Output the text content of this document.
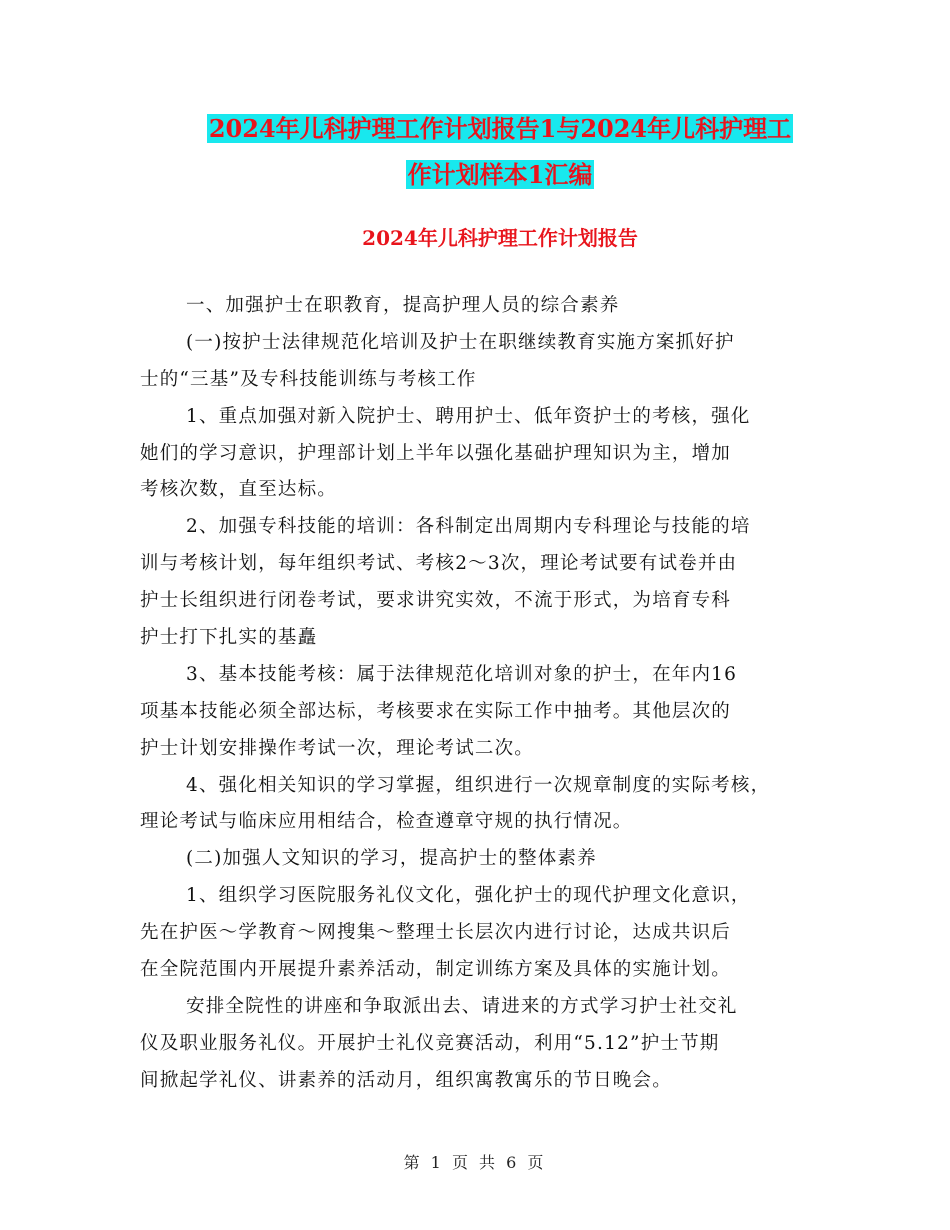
2024年儿科护理工作计划报告1与2024年儿科护理工
作计划样本1汇编
2024年儿科护理工作计划报告
一、加强护士在职教育，提高护理人员的综合素养
(一)按护士法律规范化培训及护士在职继续教育实施方案抓好护
士的“三基”及专科技能训练与考核工作
1、重点加强对新入院护士、聘用护士、低年资护士的考核，强化
她们的学习意识，护理部计划上半年以强化基础护理知识为主，增加
考核次数，直至达标。
2、加强专科技能的培训：各科制定出周期内专科理论与技能的培
训与考核计划，每年组织考试、考核2～3次，理论考试要有试卷并由
护士长组织进行闭卷考试，要求讲究实效，不流于形式，为培育专科
护士打下扎实的基矗
3、基本技能考核：属于法律规范化培训对象的护士，在年内16
项基本技能必须全部达标，考核要求在实际工作中抽考。其他层次的
护士计划安排操作考试一次，理论考试二次。
4、强化相关知识的学习掌握，组织进行一次规章制度的实际考核，
理论考试与临床应用相结合，检查遵章守规的执行情况。
(二)加强人文知识的学习，提高护士的整体素养
1、组织学习医院服务礼仪文化，强化护士的现代护理文化意识，
先在护医～学教育～网搜集～整理士长层次内进行讨论，达成共识后
在全院范围内开展提升素养活动，制定训练方案及具体的实施计划。
安排全院性的讲座和争取派出去、请进来的方式学习护士社交礼
仪及职业服务礼仪。开展护士礼仪竞赛活动，利用“5.12”护士节期
间掀起学礼仪、讲素养的活动月，组织寓教寓乐的节日晚会。
第 1 页 共 6 页
